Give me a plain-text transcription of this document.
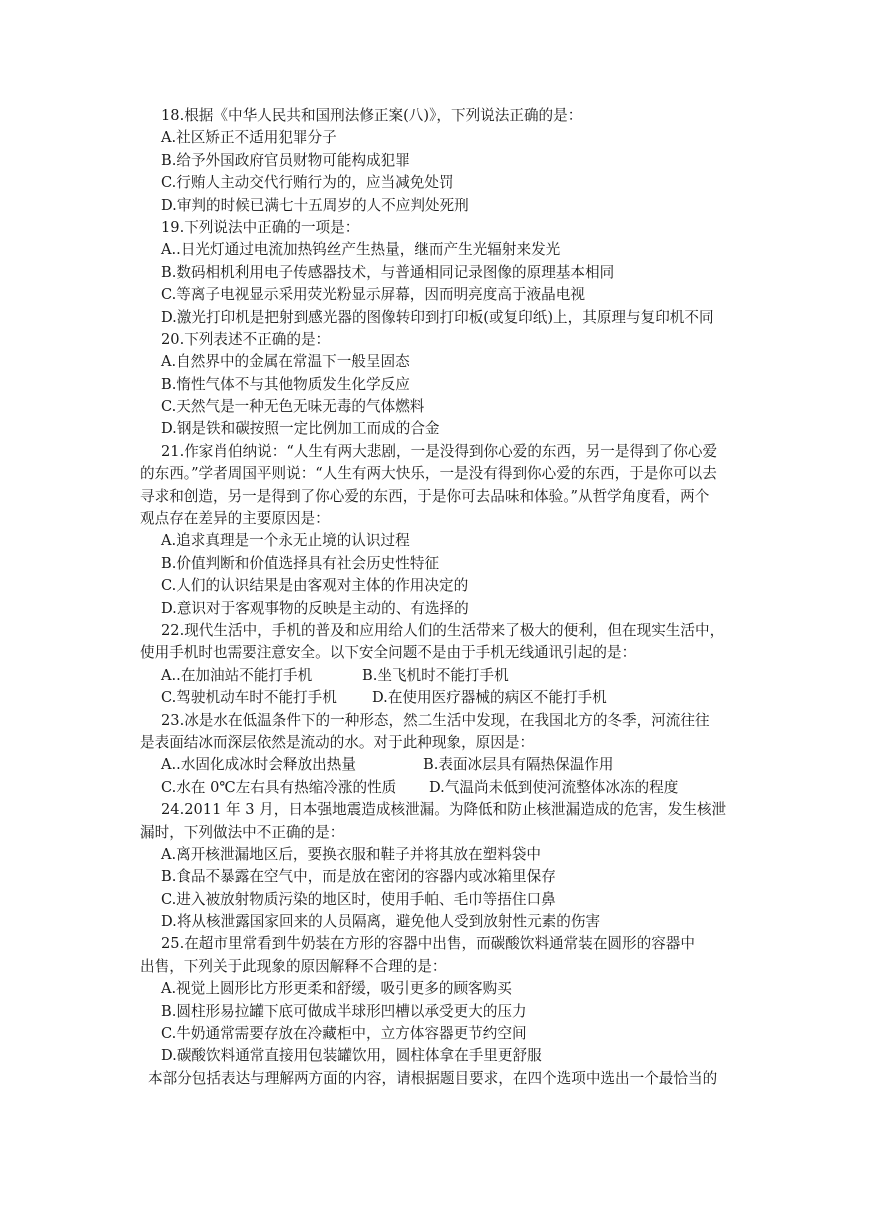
18.根据《中华人民共和国刑法修正案(八)》，下列说法正确的是：
A.社区矫正不适用犯罪分子
B.给予外国政府官员财物可能构成犯罪
C.行贿人主动交代行贿行为的，应当减免处罚
D.审判的时候已满七十五周岁的人不应判处死刑
19.下列说法中正确的一项是：
A..日光灯通过电流加热钨丝产生热量，继而产生光辐射来发光
B.数码相机利用电子传感器技术，与普通相同记录图像的原理基本相同
C.等离子电视显示采用荧光粉显示屏幕，因而明亮度高于液晶电视
D.激光打印机是把射到感光器的图像转印到打印板(或复印纸)上，其原理与复印机不同
20.下列表述不正确的是：
A.自然界中的金属在常温下一般呈固态
B.惰性气体不与其他物质发生化学反应
C.天然气是一种无色无味无毒的气体燃料
D.钢是铁和碳按照一定比例加工而成的合金
21.作家肖伯纳说：“人生有两大悲剧，一是没得到你心爱的东西，另一是得到了你心爱
的东西。”学者周国平则说：“人生有两大快乐，一是没有得到你心爱的东西，于是你可以去
寻求和创造，另一是得到了你心爱的东西，于是你可去品味和体验。”从哲学角度看，两个
观点存在差异的主要原因是：
A.追求真理是一个永无止境的认识过程
B.价值判断和价值选择具有社会历史性特征
C.人们的认识结果是由客观对主体的作用决定的
D.意识对于客观事物的反映是主动的、有选择的
22.现代生活中，手机的普及和应用给人们的生活带来了极大的便利，但在现实生活中，
使用手机时也需要注意安全。以下安全问题不是由于手机无线通讯引起的是：
A..在加油站不能打手机	B.坐飞机时不能打手机
C.驾驶机动车时不能打手机 D.在使用医疗器械的病区不能打手机
23.冰是水在低温条件下的一种形态，然二生活中发现，在我国北方的冬季，河流往往
是表面结冰而深层依然是流动的水。对于此种现象，原因是：
A..水固化成冰时会释放出热量	B.表面冰层具有隔热保温作用
C.水在 0℃左右具有热缩冷涨的性质 D.气温尚未低到使河流整体冰冻的程度
24.2011 年 3 月，日本强地震造成核泄漏。为降低和防止核泄漏造成的危害，发生核泄
漏时，下列做法中不正确的是：
A.离开核泄漏地区后，要换衣服和鞋子并将其放在塑料袋中
B.食品不暴露在空气中，而是放在密闭的容器内或冰箱里保存
C.进入被放射物质污染的地区时，使用手帕、毛巾等捂住口鼻
D.将从核泄露国家回来的人员隔离，避免他人受到放射性元素的伤害
25.在超市里常看到牛奶装在方形的容器中出售，而碳酸饮料通常装在圆形的容器中
出售，下列关于此现象的原因解释不合理的是：
A.视觉上圆形比方形更柔和舒缓，吸引更多的顾客购买
B.圆柱形易拉罐下底可做成半球形凹槽以承受更大的压力
C.牛奶通常需要存放在冷藏柜中，立方体容器更节约空间
D.碳酸饮料通常直接用包装罐饮用，圆柱体拿在手里更舒服
本部分包括表达与理解两方面的内容，请根据题目要求，在四个选项中选出一个最恰当的
